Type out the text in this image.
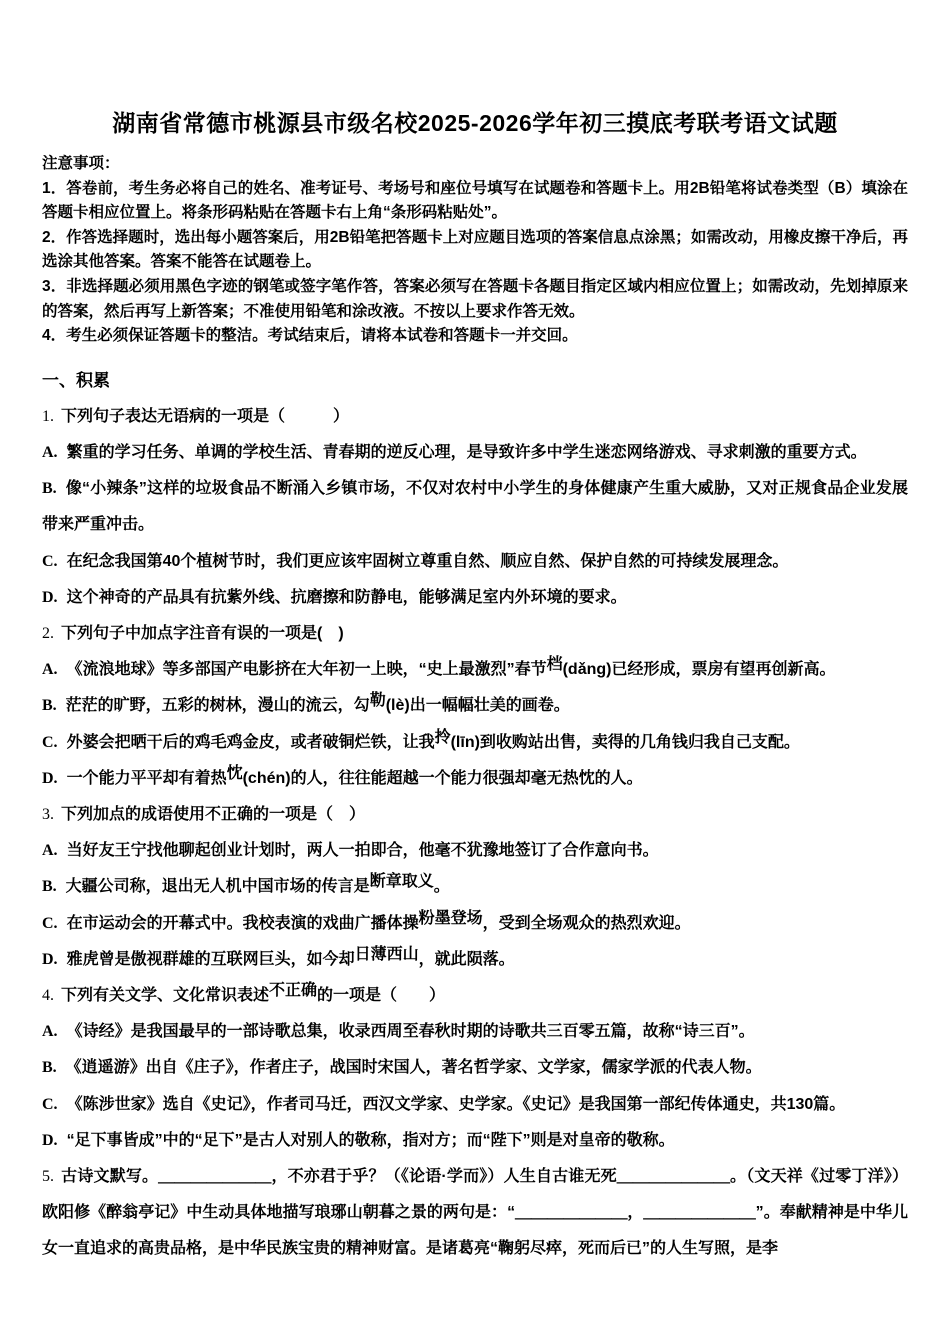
湖南省常德市桃源县市级名校2025-2026学年初三摸底考联考语文试题

注意事项：

1．答卷前，考生务必将自己的姓名、准考证号、考场号和座位号填写在试题卷和答题卡上。用2B铅笔将试卷类型（B）填涂在答题卡相应位置上。将条形码粘贴在答题卡右上角“条形码粘贴处”。

2．作答选择题时，选出每小题答案后，用2B铅笔把答题卡上对应题目选项的答案信息点涂黑；如需改动，用橡皮擦干净后，再选涂其他答案。答案不能答在试题卷上。

3．非选择题必须用黑色字迹的钢笔或签字笔作答，答案必须写在答题卡各题目指定区域内相应位置上；如需改动，先划掉原来的答案，然后再写上新答案；不准使用铅笔和涂改液。不按以上要求作答无效。

4．考生必须保证答题卡的整洁。考试结束后，请将本试卷和答题卡一并交回。

一、积累

1. 下列句子表达无语病的一项是（　　　）

A. 繁重的学习任务、单调的学校生活、青春期的逆反心理，是导致许多中学生迷恋网络游戏、寻求刺激的重要方式。

B. 像“小辣条”这样的垃圾食品不断涌入乡镇市场，不仅对农村中小学生的身体健康产生重大威胁，又对正规食品企业发展带来严重冲击。

C. 在纪念我国第40个植树节时，我们更应该牢固树立尊重自然、顺应自然、保护自然的可持续发展理念。

D. 这个神奇的产品具有抗紫外线、抗磨擦和防静电，能够满足室内外环境的要求。

2. 下列句子中加点字注音有误的一项是(　)

A. 《流浪地球》等多部国产电影挤在大年初一上映，“史上最激烈”春节档(dǎng)已经形成，票房有望再创新高。

B. 茫茫的旷野，五彩的树林，漫山的流云，勾勒(lè)出一幅幅壮美的画卷。

C. 外婆会把晒干后的鸡毛鸡金皮，或者破铜烂铁，让我拎(līn)到收购站出售，卖得的几角钱归我自己支配。

D. 一个能力平平却有着热忱(chén)的人，往往能超越一个能力很强却毫无热忱的人。

3. 下列加点的成语使用不正确的一项是（　）

A. 当好友王宁找他聊起创业计划时，两人一拍即合，他毫不犹豫地签订了合作意向书。

B. 大疆公司称，退出无人机中国市场的传言是断章取义。

C. 在市运动会的开幕式中。我校表演的戏曲广播体操粉墨登场，受到全场观众的热烈欢迎。

D. 雅虎曾是傲视群雄的互联网巨头，如今却日薄西山，就此陨落。

4. 下列有关文学、文化常识表述不正确的一项是（　　）

A. 《诗经》是我国最早的一部诗歌总集，收录西周至春秋时期的诗歌共三百零五篇，故称“诗三百”。

B. 《逍遥游》出自《庄子》，作者庄子，战国时宋国人，著名哲学家、文学家，儒家学派的代表人物。

C. 《陈涉世家》选自《史记》，作者司马迁，西汉文学家、史学家。《史记》是我国第一部纪传体通史，共130篇。

D. “足下事皆成”中的“足下”是古人对别人的敬称，指对方；而“陛下”则是对皇帝的敬称。

5. 古诗文默写。＿＿＿＿＿＿＿，不亦君于乎？（《论语·学而》）人生自古谁无死＿＿＿＿＿＿＿。（文天祥《过零丁洋》）欧阳修《醉翁亭记》中生动具体地描写琅琊山朝暮之景的两句是：“＿＿＿＿＿＿＿，＿＿＿＿＿＿＿”。奉献精神是中华儿女一直追求的高贵品格，是中华民族宝贵的精神财富。是诸葛亮“鞠躬尽瘁，死而后已”的人生写照，是李
